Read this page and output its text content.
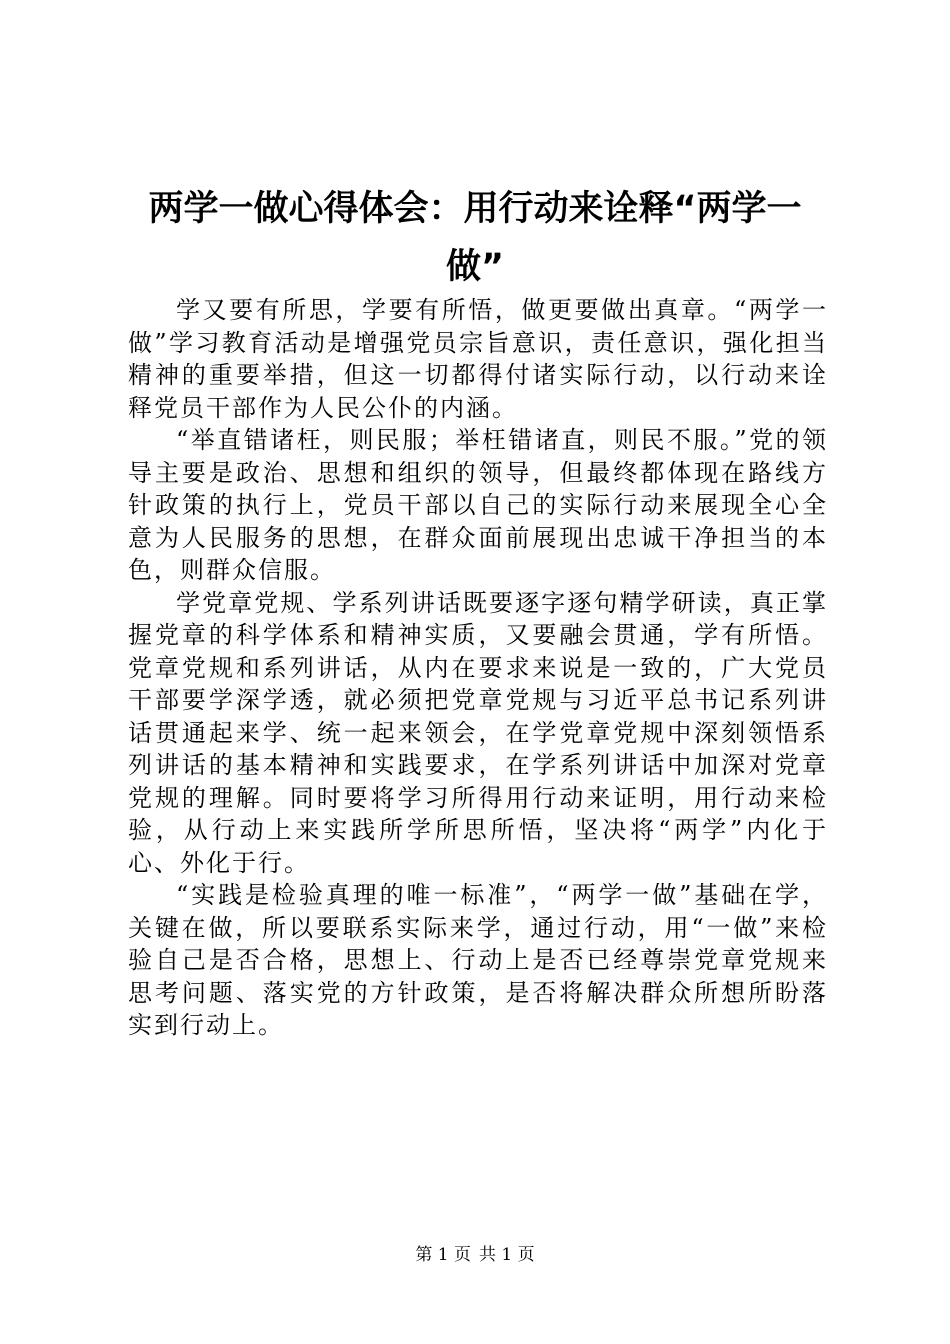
两学一做心得体会：用行动来诠释“两学一做”

学又要有所思，学要有所悟，做更要做出真章。“两学一做”学习教育活动是增强党员宗旨意识，责任意识，强化担当精神的重要举措，但这一切都得付诸实际行动，以行动来诠释党员干部作为人民公仆的内涵。

“举直错诸枉，则民服；举枉错诸直，则民不服。”党的领导主要是政治、思想和组织的领导，但最终都体现在路线方针政策的执行上，党员干部以自己的实际行动来展现全心全意为人民服务的思想，在群众面前展现出忠诚干净担当的本色，则群众信服。

学党章党规、学系列讲话既要逐字逐句精学研读，真正掌握党章的科学体系和精神实质，又要融会贯通，学有所悟。党章党规和系列讲话，从内在要求来说是一致的，广大党员干部要学深学透，就必须把党章党规与习近平总书记系列讲话贯通起来学、统一起来领会，在学党章党规中深刻领悟系列讲话的基本精神和实践要求，在学系列讲话中加深对党章党规的理解。同时要将学习所得用行动来证明，用行动来检验，从行动上来实践所学所思所悟，坚决将“两学”内化于心、外化于行。

“实践是检验真理的唯一标准”，“两学一做”基础在学，关键在做，所以要联系实际来学，通过行动，用“一做”来检验自己是否合格，思想上、行动上是否已经尊崇党章党规来思考问题、落实党的方针政策，是否将解决群众所想所盼落实到行动上。

第 1 页 共 1 页
